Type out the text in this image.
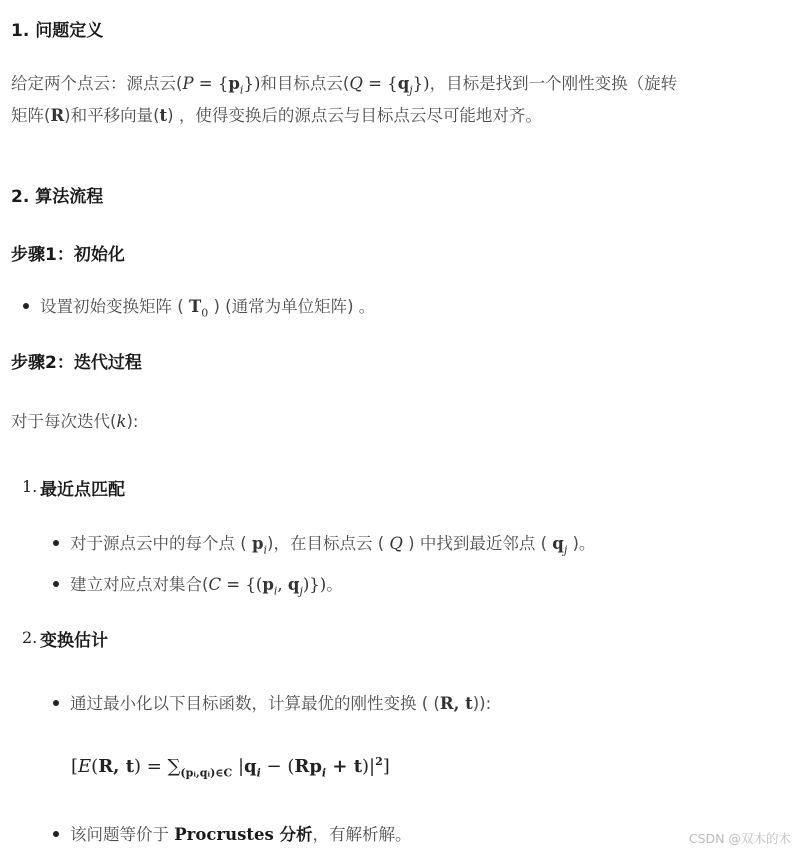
1. 问题定义
给定两个点云：源点云$(P = \{p_i\})$和目标点云$(Q = \{q_j\})$，目标是找到一个刚性变换（旋转
矩阵(R)和平移向量(t) ，使得变换后的源点云与目标点云尽可能地对齐。
2. 算法流程
步骤1：初始化
设置初始变换矩阵 ( $T_0$ ) (通常为单位矩阵) 。
步骤2：迭代过程
对于每次迭代(k):
1. 最近点匹配
对于源点云中的每个点 ( $p_i$)，在目标点云 ( Q ) 中找到最近邻点 ( $q_j$ )。
建立对应点对集合($C = \{(p_i$, $q_j$)})。
2. 变换估计
通过最小化以下目标函数，计算最优的刚性变换 ( (R, t)):
[E(R, $t) = \sum_{(pᵢ,qᵢ)\in C}$ $|q_i - (Rp_i + t)|^2$]
该问题等价于 Procrustes 分析，有解析解。	CSDN @双木的木
